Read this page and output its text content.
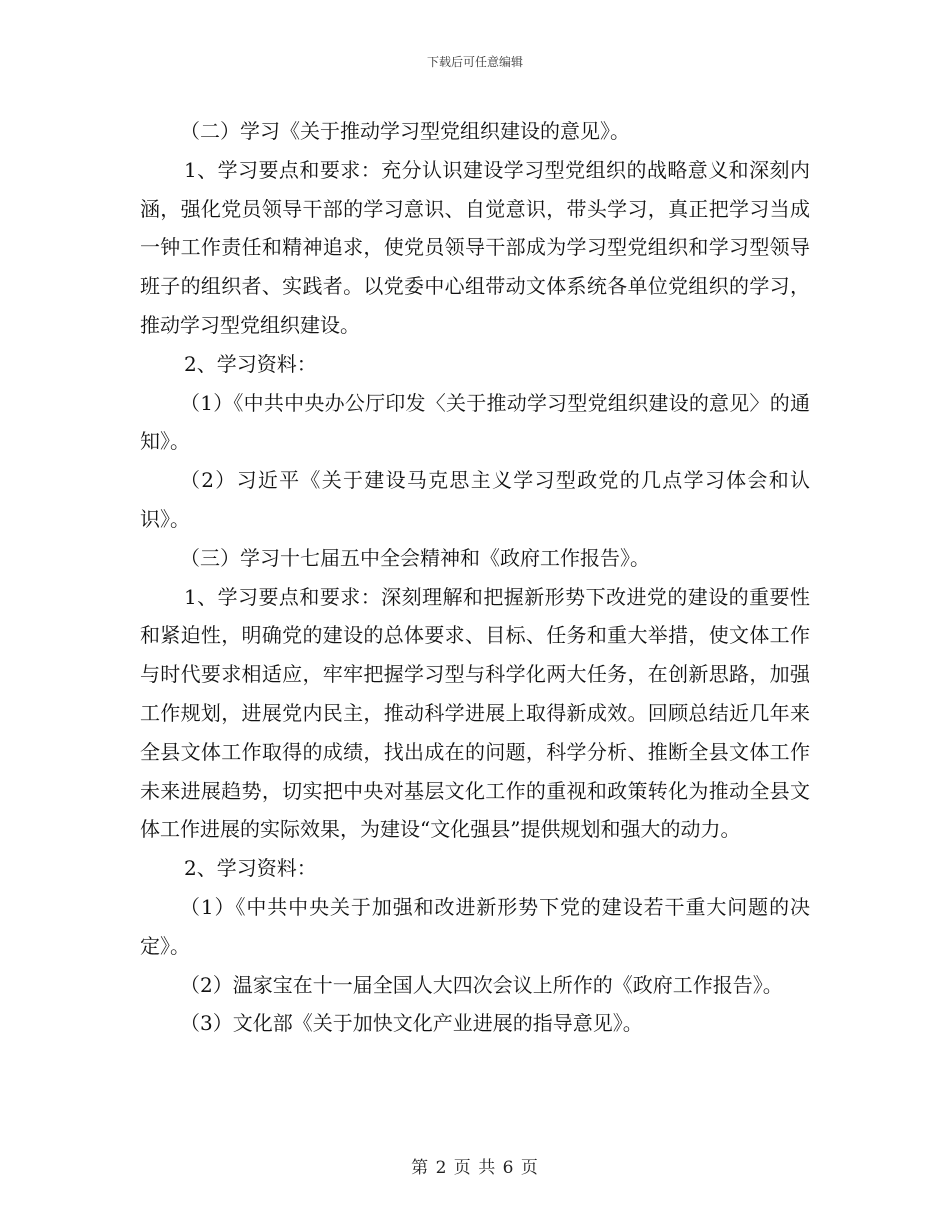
下载后可任意编辑

（二）学习《关于推动学习型党组织建设的意见》。

1、学习要点和要求：充分认识建设学习型党组织的战略意义和深刻内涵，强化党员领导干部的学习意识、自觉意识，带头学习，真正把学习当成一钟工作责任和精神追求，使党员领导干部成为学习型党组织和学习型领导班子的组织者、实践者。以党委中心组带动文体系统各单位党组织的学习，推动学习型党组织建设。

2、学习资料：

（1）《中共中央办公厅印发〈关于推动学习型党组织建设的意见〉的通知》。

（2）习近平《关于建设马克思主义学习型政党的几点学习体会和认识》。

（三）学习十七届五中全会精神和《政府工作报告》。

1、学习要点和要求：深刻理解和把握新形势下改进党的建设的重要性和紧迫性，明确党的建设的总体要求、目标、任务和重大举措，使文体工作与时代要求相适应，牢牢把握学习型与科学化两大任务，在创新思路，加强工作规划，进展党内民主，推动科学进展上取得新成效。回顾总结近几年来全县文体工作取得的成绩，找出成在的问题，科学分析、推断全县文体工作未来进展趋势，切实把中央对基层文化工作的重视和政策转化为推动全县文体工作进展的实际效果，为建设“文化强县”提供规划和强大的动力。

2、学习资料：

（1）《中共中央关于加强和改进新形势下党的建设若干重大问题的决定》。

（2）温家宝在十一届全国人大四次会议上所作的《政府工作报告》。

（3）文化部《关于加快文化产业进展的指导意见》。

第 2 页 共 6 页
